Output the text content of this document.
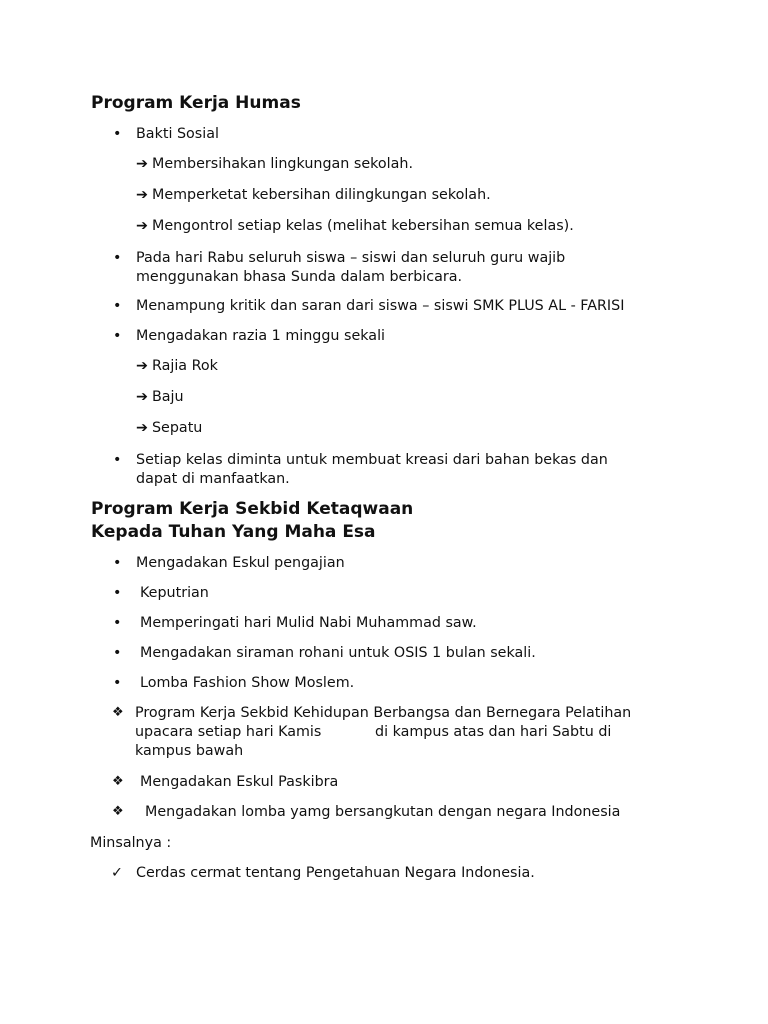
Program Kerja Humas
• Bakti Sosial

➔ Membersihakan lingkungan sekolah.

➔ Memperketat kebersihan dilingkungan sekolah.

➔ Mengontrol setiap kelas (melihat kebersihan semua kelas).

• Pada hari Rabu seluruh siswa – siswi dan seluruh guru wajib

menggunakan bhasa Sunda dalam berbicara.

• Menampung kritik dan saran dari siswa – siswi SMK PLUS AL - FARISI

• Mengadakan razia 1 minggu sekali

➔ Rajia Rok

➔ Baju

➔ Sepatu

• Setiap kelas diminta untuk membuat kreasi dari bahan bekas dan

dapat di manfaatkan.

Program Kerja Sekbid Ketaqwaan
Kepada Tuhan Yang Maha Esa
• Mengadakan Eskul pengajian

• Keputrian

• Memperingati hari Mulid Nabi Muhammad saw.

• Mengadakan siraman rohani untuk OSIS 1 bulan sekali.

• Lomba Fashion Show Moslem.

❖ Program Kerja Sekbid Kehidupan Berbangsa dan Bernegara Pelatihan

upacara setiap hari Kamis	di kampus atas dan hari Sabtu di

kampus bawah

❖ Mengadakan Eskul Paskibra

❖ Mengadakan lomba yamg bersangkutan dengan negara Indonesia

Minsalnya :

✓ Cerdas cermat tentang Pengetahuan Negara Indonesia.
